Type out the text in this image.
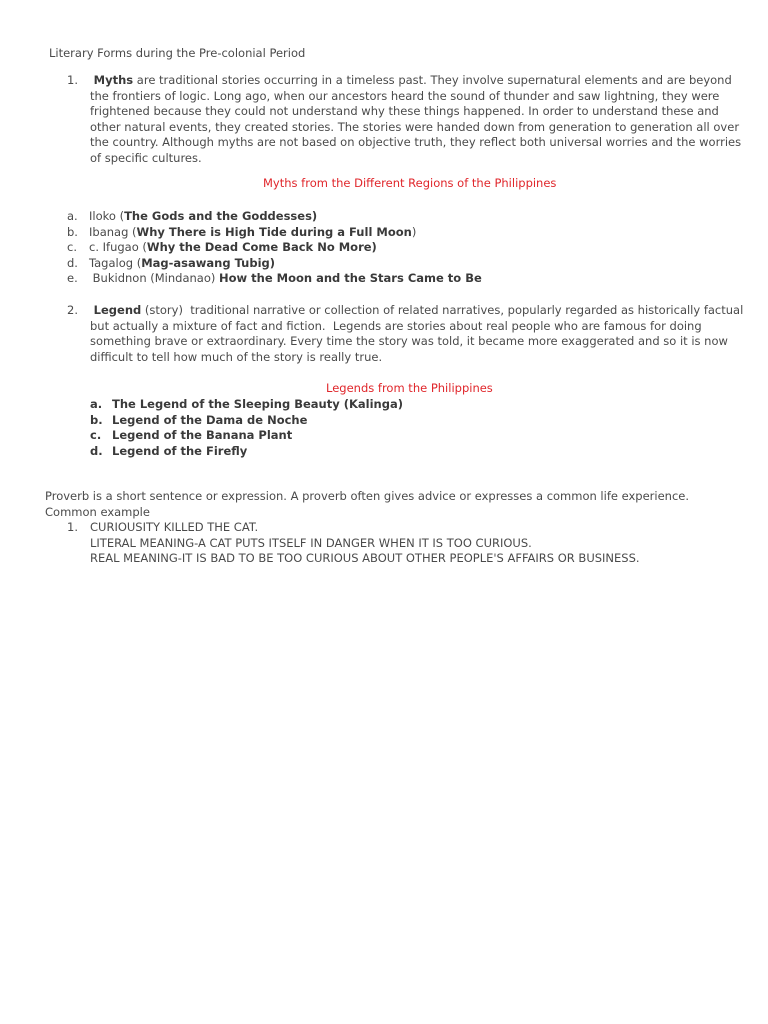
Literary Forms during the Pre-colonial Period
1.	Myths are traditional stories occurring in a timeless past. They involve supernatural elements and are beyond
the frontiers of logic. Long ago, when our ancestors heard the sound of thunder and saw lightning, they were
frightened because they could not understand why these things happened. In order to understand these and
other natural events, they created stories. The stories were handed down from generation to generation all over
the country. Although myths are not based on objective truth, they reflect both universal worries and the worries
of specific cultures.
Myths from the Different Regions of the Philippines
a. Iloko (The Gods and the Goddesses)
b. Ibanag (Why There is High Tide during a Full Moon)
c. c. Ifugao (Why the Dead Come Back No More)
d. Tagalog (Mag-asawang Tubig)
e. Bukidnon (Mindanao) How the Moon and the Stars Came to Be
2.	Legend (story)  traditional narrative or collection of related narratives, popularly regarded as historically factual
but actually a mixture of fact and fiction.  Legends are stories about real people who are famous for doing
something brave or extraordinary. Every time the story was told, it became more exaggerated and so it is now
difficult to tell how much of the story is really true.
Legends from the Philippines
a. The Legend of the Sleeping Beauty (Kalinga)
b. Legend of the Dama de Noche
c. Legend of the Banana Plant
d. Legend of the Firefly
Proverb is a short sentence or expression. A proverb often gives advice or expresses a common life experience.
Common example
1. CURIOUSITY KILLED THE CAT.
LITERAL MEANING-A CAT PUTS ITSELF IN DANGER WHEN IT IS TOO CURIOUS.
REAL MEANING-IT IS BAD TO BE TOO CURIOUS ABOUT OTHER PEOPLE'S AFFAIRS OR BUSINESS.
